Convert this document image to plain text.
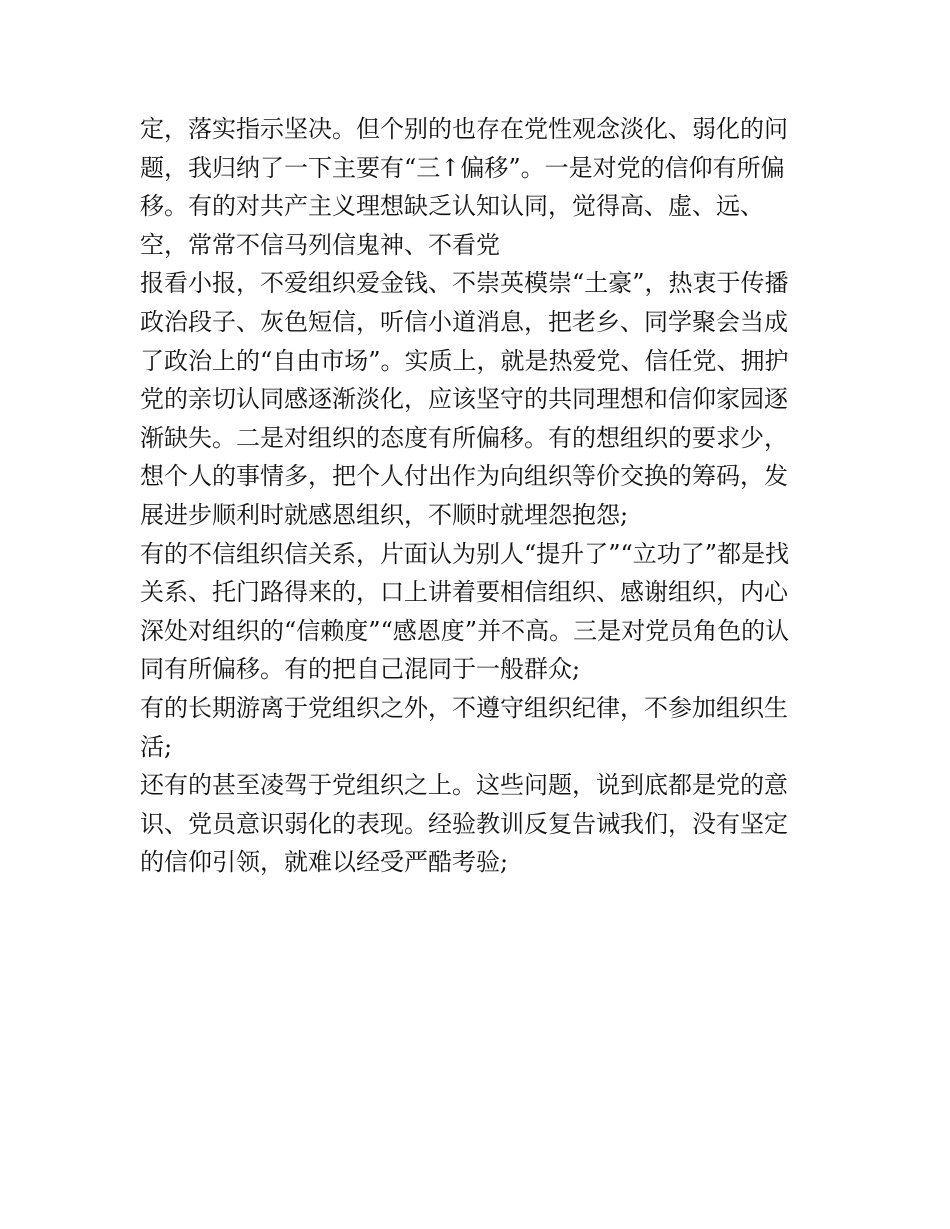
定，落实指示坚决。但个别的也存在党性观念淡化、弱化的问
题，我归纳了一下主要有“三↑偏移”。一是对党的信仰有所偏
移。有的对共产主义理想缺乏认知认同，觉得高、虚、远、
空，常常不信马列信鬼神、不看党
报看小报，不爱组织爱金钱、不崇英模崇“土豪”，热衷于传播
政治段子、灰色短信，听信小道消息，把老乡、同学聚会当成
了政治上的“自由市场”。实质上，就是热爱党、信任党、拥护
党的亲切认同感逐渐淡化，应该坚守的共同理想和信仰家园逐
渐缺失。二是对组织的态度有所偏移。有的想组织的要求少，
想个人的事情多，把个人付出作为向组织等价交换的筹码，发
展进步顺利时就感恩组织，不顺时就埋怨抱怨;
有的不信组织信关系，片面认为别人“提升了”“立功了”都是找
关系、托门路得来的，口上讲着要相信组织、感谢组织，内心
深处对组织的“信赖度”“感恩度”并不高。三是对党员角色的认
同有所偏移。有的把自己混同于一般群众;
有的长期游离于党组织之外，不遵守组织纪律，不参加组织生
活;
还有的甚至凌驾于党组织之上。这些问题，说到底都是党的意
识、党员意识弱化的表现。经验教训反复告诫我们，没有坚定
的信仰引领，就难以经受严酷考验;
